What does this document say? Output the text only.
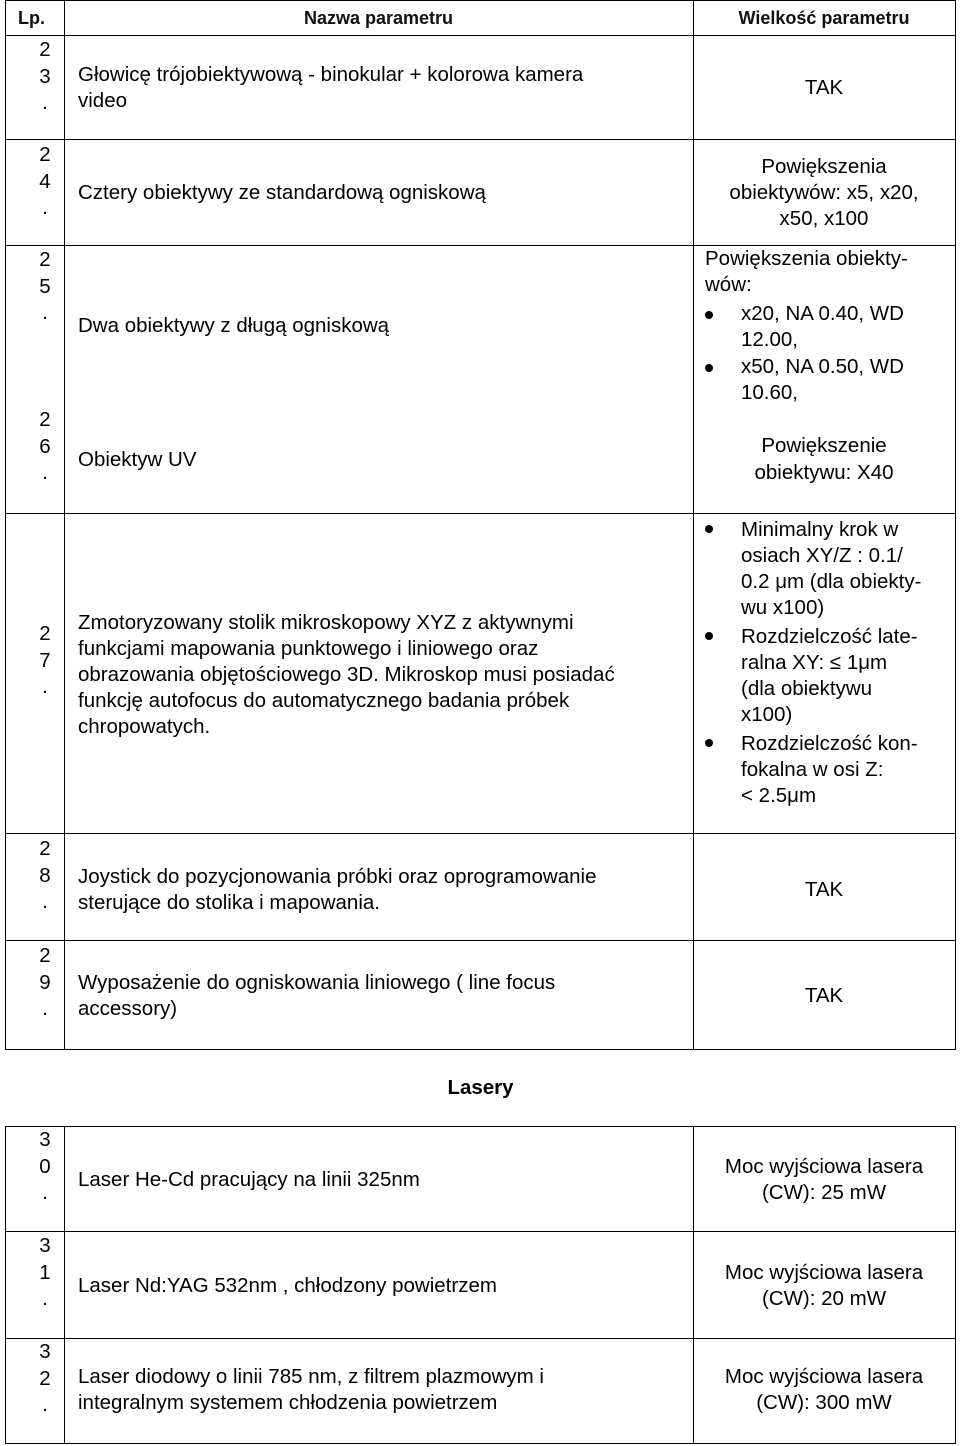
Lp.	Nazwa parametru	Wielkość parametru
2
3
.
Głowicę trójobiektywową - binokular + kolorowa kamera
video
TAK
2
4
.
Cztery obiektywy ze standardową ogniskową
Powiększenia
obiektywów: x5, x20,
x50, x100
2
5
.
Dwa obiektywy z długą ogniskową
Powiększenia obiekty-
wów:
x20, NA 0.40, WD
12.00,
x50, NA 0.50, WD
10.60,
2
6
.
Obiektyw UV
Powiększenie
obiektywu: X40
2
7
.
Zmotoryzowany stolik mikroskopowy XYZ z aktywnymi
funkcjami mapowania punktowego i liniowego oraz
obrazowania objętościowego 3D. Mikroskop musi posiadać
funkcję autofocus do automatycznego badania próbek
chropowatych.
Minimalny krok w
osiach XY/Z : 0.1/
0.2 μm (dla obiekty-
wu x100)
Rozdzielczość late-
ralna XY: ≤ 1μm
(dla obiektywu
x100)
Rozdzielczość kon-
fokalna w osi Z:
< 2.5μm
2
8
.
Joystick do pozycjonowania próbki oraz oprogramowanie
sterujące do stolika i mapowania.
TAK
2
9
.
Wyposażenie do ogniskowania liniowego ( line focus
accessory)
TAK
Lasery
3
0
.
Laser He-Cd pracujący na linii 325nm
Moc wyjściowa lasera
(CW): 25 mW
3
1
.
Laser Nd:YAG 532nm , chłodzony powietrzem
Moc wyjściowa lasera
(CW): 20 mW
3
2
.
Laser diodowy o linii 785 nm, z filtrem plazmowym i
integralnym systemem chłodzenia powietrzem
Moc wyjściowa lasera
(CW): 300 mW
